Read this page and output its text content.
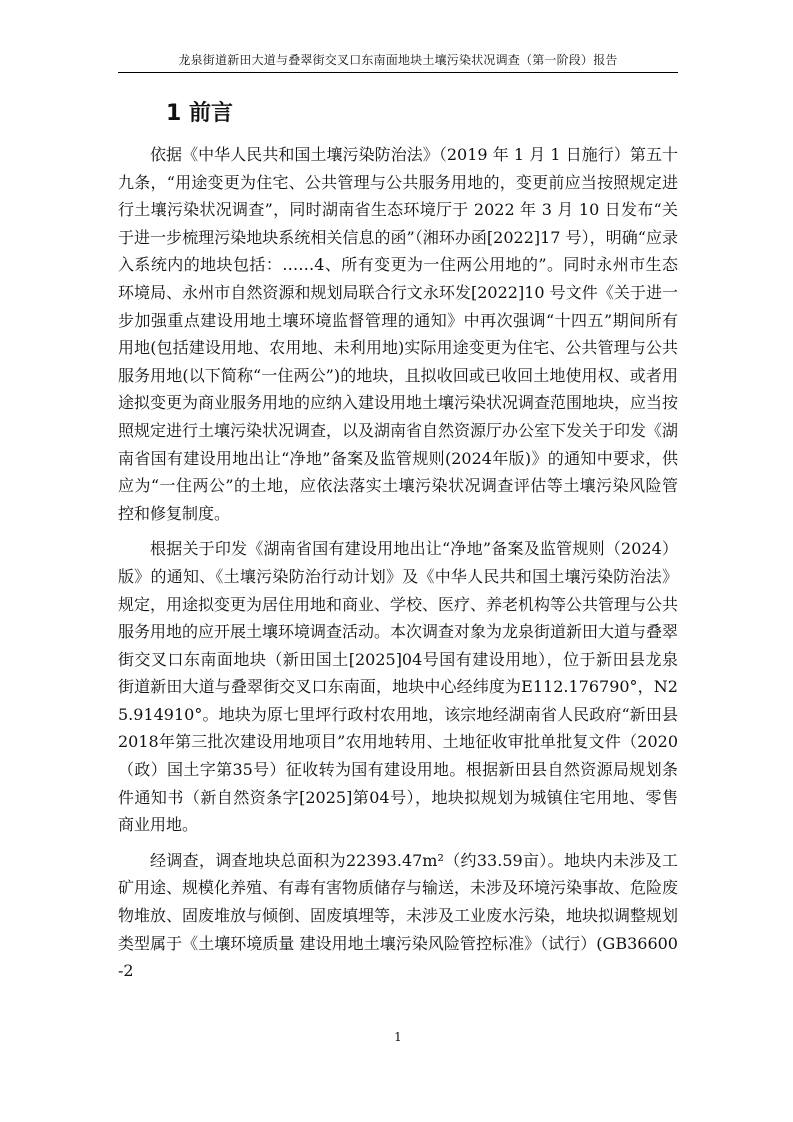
龙泉街道新田大道与叠翠街交叉口东南面地块土壤污染状况调查（第一阶段）报告
1 前言

依据《中华人民共和国土壤污染防治法》（2019 年 1 月 1 日施行）第五十九条，“用途变更为住宅、公共管理与公共服务用地的，变更前应当按照规定进行土壤污染状况调查”，同时湖南省生态环境厅于 2022 年 3 月 10 日发布“关于进一步梳理污染地块系统相关信息的函”（湘环办函[2022]17 号），明确“应录入系统内的地块包括：……4、所有变更为一住两公用地的”。同时永州市生态环境局、永州市自然资源和规划局联合行文永环发[2022]10 号文件《关于进一步加强重点建设用地土壤环境监督管理的通知》中再次强调“十四五”期间所有用地(包括建设用地、农用地、未利用地)实际用途变更为住宅、公共管理与公共服务用地(以下简称“一住两公”)的地块，且拟收回或已收回土地使用权、或者用途拟变更为商业服务用地的应纳入建设用地土壤污染状况调查范围地块，应当按照规定进行土壤污染状况调查，以及湖南省自然资源厅办公室下发关于印发《湖南省国有建设用地出让“净地”备案及监管规则(2024年版)》的通知中要求，供应为“一住两公”的土地，应依法落实土壤污染状况调查评估等土壤污染风险管控和修复制度。

根据关于印发《湖南省国有建设用地出让“净地”备案及监管规则（2024）版》的通知、《土壤污染防治行动计划》及《中华人民共和国土壤污染防治法》规定，用途拟变更为居住用地和商业、学校、医疗、养老机构等公共管理与公共服务用地的应开展土壤环境调查活动。本次调查对象为龙泉街道新田大道与叠翠街交叉口东南面地块（新田国土[2025]04号国有建设用地），位于新田县龙泉街道新田大道与叠翠街交叉口东南面，地块中心经纬度为E112.176790°，N25.914910°。地块为原七里坪行政村农用地，该宗地经湖南省人民政府“新田县2018年第三批次建设用地项目”农用地转用、土地征收审批单批复文件（2020（政）国土字第35号）征收转为国有建设用地。根据新田县自然资源局规划条件通知书（新自然资条字[2025]第04号），地块拟规划为城镇住宅用地、零售商业用地。

经调查，调查地块总面积为22393.47m²（约33.59亩）。地块内未涉及工矿用途、规模化养殖、有毒有害物质储存与输送，未涉及环境污染事故、危险废物堆放、固废堆放与倾倒、固废填埋等，未涉及工业废水污染，地块拟调整规划类型属于《土壤环境质量 建设用地土壤污染风险管控标准》（试行）(GB36600-2

1
